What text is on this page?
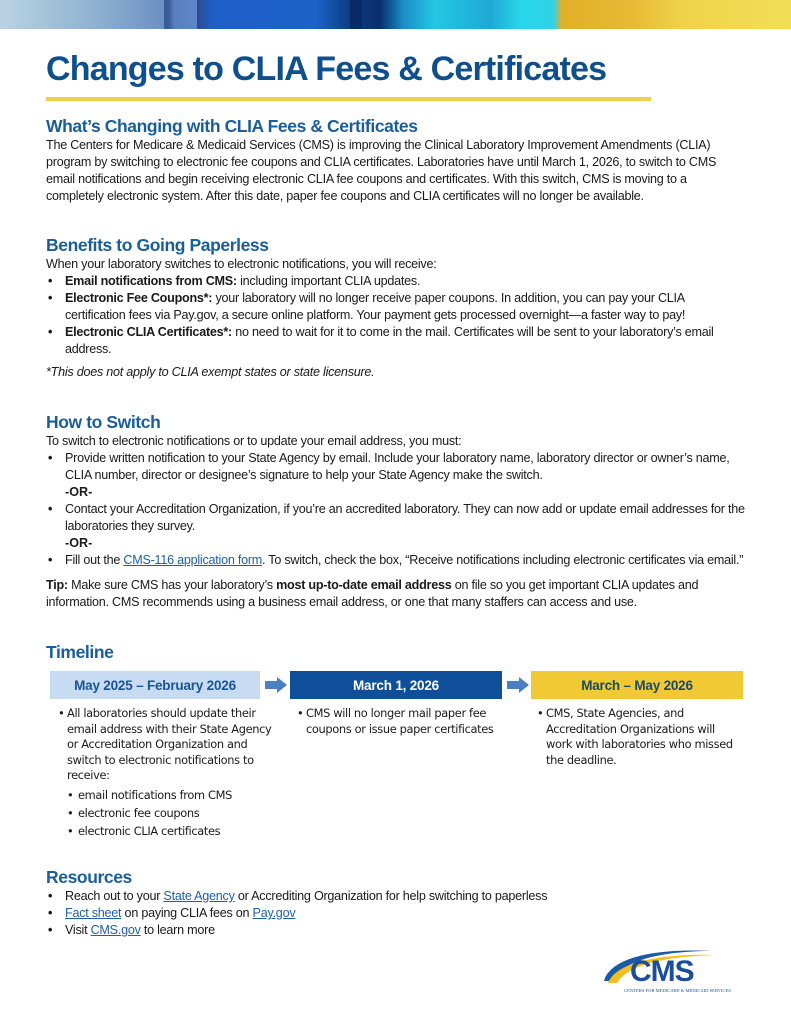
Changes to CLIA Fees & Certificates
What’s Changing with CLIA Fees & Certificates
The Centers for Medicare & Medicaid Services (CMS) is improving the Clinical Laboratory Improvement Amendments (CLIA) program by switching to electronic fee coupons and CLIA certificates. Laboratories have until March 1, 2026, to switch to CMS email notifications and begin receiving electronic CLIA fee coupons and certificates. With this switch, CMS is moving to a completely electronic system. After this date, paper fee coupons and CLIA certificates will no longer be available.
Benefits to Going Paperless
When your laboratory switches to electronic notifications, you will receive:
• Email notifications from CMS: including important CLIA updates.
• Electronic Fee Coupons*: your laboratory will no longer receive paper coupons. In addition, you can pay your CLIA certification fees via Pay.gov, a secure online platform. Your payment gets processed overnight—a faster way to pay!
• Electronic CLIA Certificates*: no need to wait for it to come in the mail. Certificates will be sent to your laboratory’s email address.
*This does not apply to CLIA exempt states or state licensure.
How to Switch
To switch to electronic notifications or to update your email address, you must:
• Provide written notification to your State Agency by email. Include your laboratory name, laboratory director or owner’s name, CLIA number, director or designee’s signature to help your State Agency make the switch.
-OR-
• Contact your Accreditation Organization, if you’re an accredited laboratory. They can now add or update email addresses for the laboratories they survey.
-OR-
• Fill out the CMS-116 application form. To switch, check the box, “Receive notifications including electronic certificates via email.”
Tip: Make sure CMS has your laboratory’s most up-to-date email address on file so you get important CLIA updates and information. CMS recommends using a business email address, or one that many staffers can access and use.
Timeline
May 2025 – February 2026	March 1, 2026	March – May 2026
• All laboratories should update their email address with their State Agency or Accreditation Organization and switch to electronic notifications to receive:
• email notifications from CMS
• electronic fee coupons
• electronic CLIA certificates
• CMS will no longer mail paper fee coupons or issue paper certificates
• CMS, State Agencies, and Accreditation Organizations will work with laboratories who missed the deadline.
Resources
• Reach out to your State Agency or Accrediting Organization for help switching to paperless
• Fact sheet on paying CLIA fees on Pay.gov
• Visit CMS.gov to learn more
CMS
CENTERS FOR MEDICARE & MEDICAID SERVICES
